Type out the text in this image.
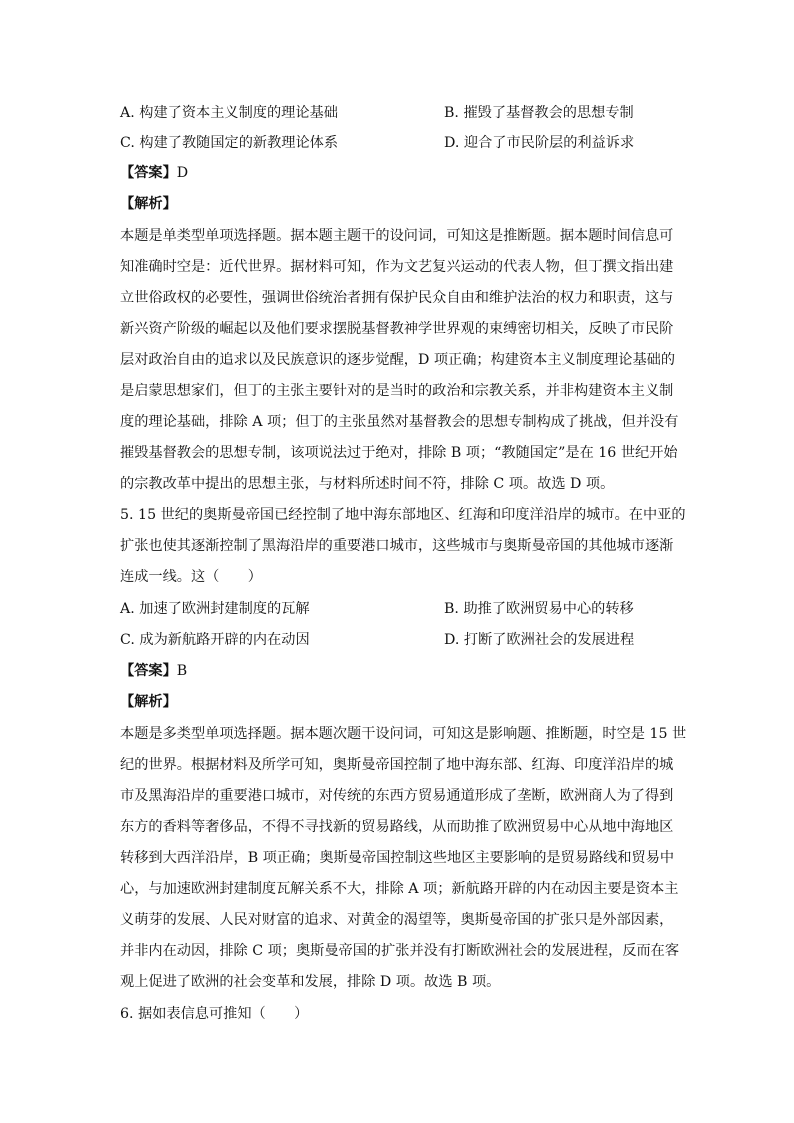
A. 构建了资本主义制度的理论基础	B. 摧毁了基督教会的思想专制
C. 构建了教随国定的新教理论体系	D. 迎合了市民阶层的利益诉求
【答案】D
【解析】
本题是单类型单项选择题。据本题主题干的设问词，可知这是推断题。据本题时间信息可
知准确时空是：近代世界。据材料可知，作为文艺复兴运动的代表人物，但丁撰文指出建
立世俗政权的必要性，强调世俗统治者拥有保护民众自由和维护法治的权力和职责，这与
新兴资产阶级的崛起以及他们要求摆脱基督教神学世界观的束缚密切相关，反映了市民阶
层对政治自由的追求以及民族意识的逐步觉醒，D 项正确；构建资本主义制度理论基础的
是启蒙思想家们，但丁的主张主要针对的是当时的政治和宗教关系，并非构建资本主义制
度的理论基础，排除 A 项；但丁的主张虽然对基督教会的思想专制构成了挑战，但并没有
摧毁基督教会的思想专制，该项说法过于绝对，排除 B 项；“教随国定”是在 16 世纪开始
的宗教改革中提出的思想主张，与材料所述时间不符，排除 C 项。故选 D 项。
5. 15 世纪的奥斯曼帝国已经控制了地中海东部地区、红海和印度洋沿岸的城市。在中亚的
扩张也使其逐渐控制了黑海沿岸的重要港口城市，这些城市与奥斯曼帝国的其他城市逐渐
连成一线。这（　　）
A. 加速了欧洲封建制度的瓦解	B. 助推了欧洲贸易中心的转移
C. 成为新航路开辟的内在动因	D. 打断了欧洲社会的发展进程
【答案】B
【解析】
本题是多类型单项选择题。据本题次题干设问词，可知这是影响题、推断题，时空是 15 世
纪的世界。根据材料及所学可知，奥斯曼帝国控制了地中海东部、红海、印度洋沿岸的城
市及黑海沿岸的重要港口城市，对传统的东西方贸易通道形成了垄断，欧洲商人为了得到
东方的香料等奢侈品，不得不寻找新的贸易路线，从而助推了欧洲贸易中心从地中海地区
转移到大西洋沿岸，B 项正确；奥斯曼帝国控制这些地区主要影响的是贸易路线和贸易中
心，与加速欧洲封建制度瓦解关系不大，排除 A 项；新航路开辟的内在动因主要是资本主
义萌芽的发展、人民对财富的追求、对黄金的渴望等，奥斯曼帝国的扩张只是外部因素，
并非内在动因，排除 C 项；奥斯曼帝国的扩张并没有打断欧洲社会的发展进程，反而在客
观上促进了欧洲的社会变革和发展，排除 D 项。故选 B 项。
6. 据如表信息可推知（　　）
